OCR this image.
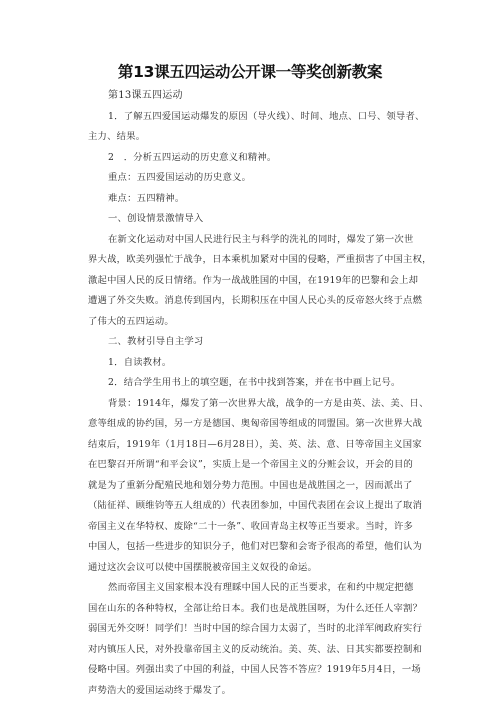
第13课五四运动公开课一等奖创新教案
第13课五四运动
1．了解五四爱国运动爆发的原因（导火线）、时间、地点、口号、领导者、
主力、结果。
2　．分析五四运动的历史意义和精神。
重点：五四爱国运动的历史意义。
难点：五四精神。
一、创设情景激情导入
在新文化运动对中国人民进行民主与科学的洗礼的同时，爆发了第一次世
界大战，欧美列强忙于战争，日本乘机加紧对中国的侵略，严重损害了中国主权，
激起中国人民的反日情绪。作为一战战胜国的中国，在1919年的巴黎和会上却
遭遇了外交失败。消息传到国内，长期积压在中国人民心头的反帝怒火终于点燃
了伟大的五四运动。
二、教材引导自主学习
1．自读教材。
2．结合学生用书上的填空题，在书中找到答案，并在书中画上记号。
背景：1914年，爆发了第一次世界大战，战争的一方是由英、法、美、日、
意等组成的协约国，另一方是德国、奥匈帝国等组成的同盟国。第一次世界大战
结束后，1919年（1月18日—6月28日），美、英、法、意、日等帝国主义国家
在巴黎召开所谓“和平会议”，实质上是一个帝国主义的分赃会议，开会的目的
就是为了重新分配殖民地和划分势力范围。中国也是战胜国之一，因而派出了
（陆征祥、顾维钧等五人组成的）代表团参加，中国代表团在会议上提出了取消
帝国主义在华特权、废除“二十一条”、收回青岛主权等正当要求。当时，许多
中国人，包括一些进步的知识分子，他们对巴黎和会寄予很高的希望，他们认为
通过这次会议可以使中国摆脱被帝国主义奴役的命运。
然而帝国主义国家根本没有理睬中国人民的正当要求，在和约中规定把德
国在山东的各种特权，全部让给日本。我们也是战胜国呀，为什么还任人宰割？
弱国无外交呀！同学们！当时中国的综合国力太弱了，当时的北洋军阀政府实行
对内镇压人民，对外投靠帝国主义的反动统治。美、英、法、日其实都要控制和
侵略中国。列强出卖了中国的利益，中国人民答不答应？1919年5月4日，一场
声势浩大的爱国运动终于爆发了。
